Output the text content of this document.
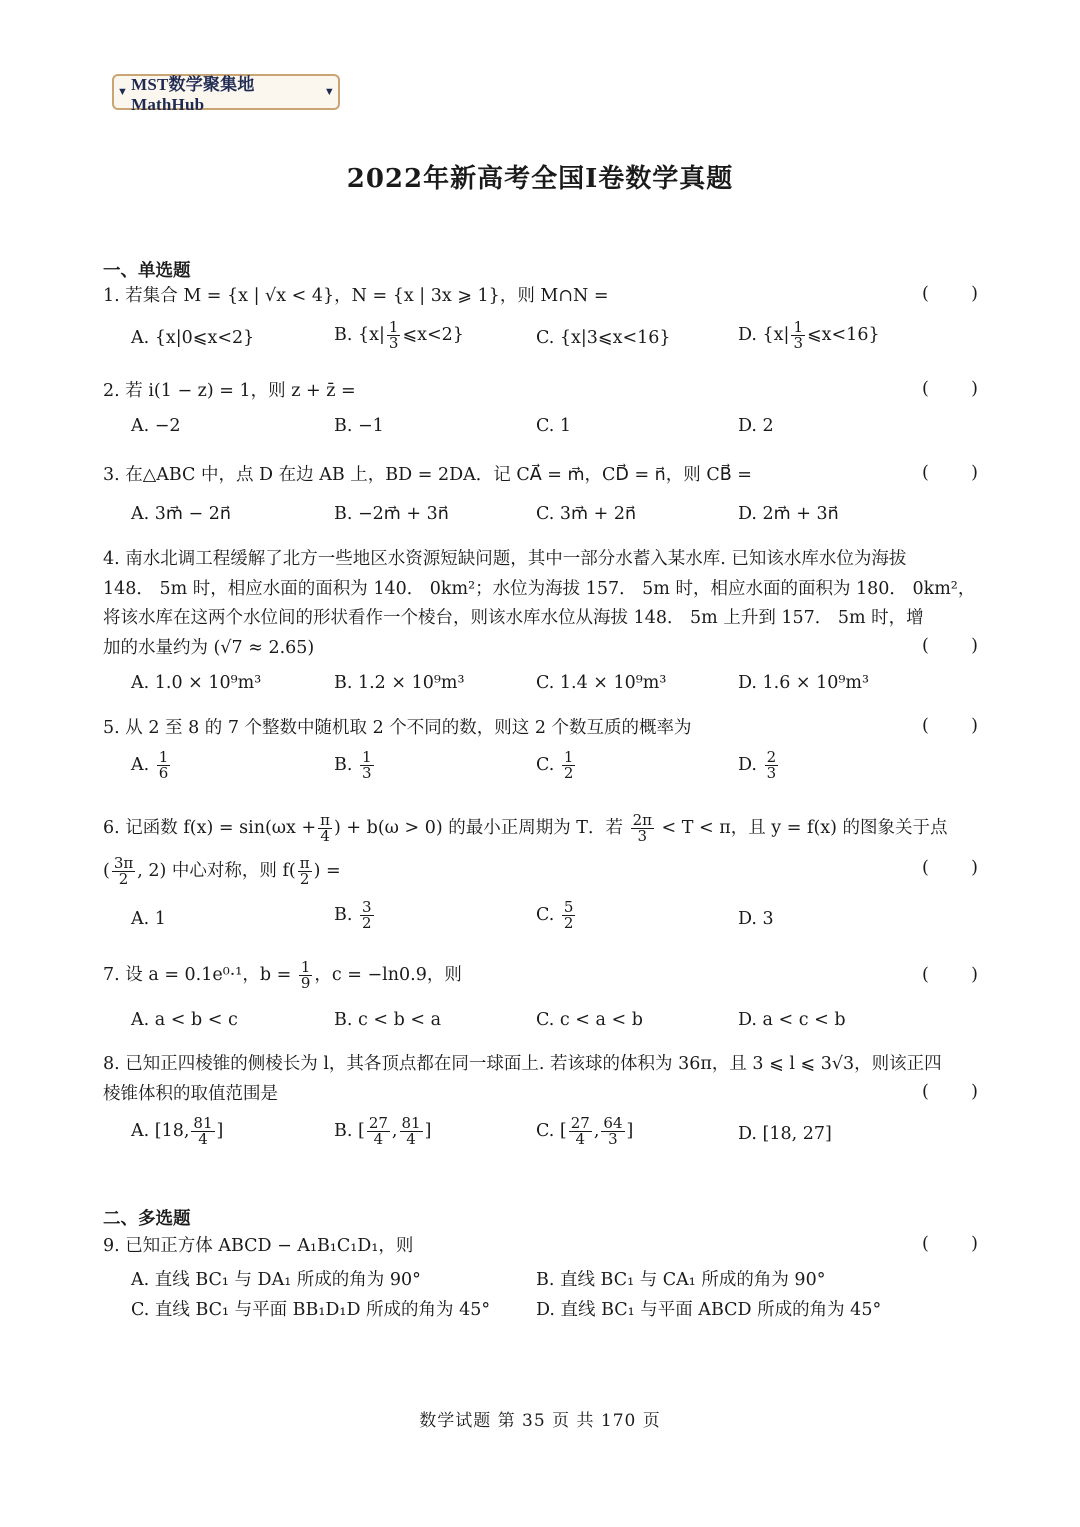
▼ MST数学聚集地MathHub
▼
2022年新高考全国I卷数学真题
一、单选题
1. 若集合 M = {x | √x < 4}，N = {x | 3x ⩾ 1}，则 M∩N =	( )
A. {x|0⩽x<2}	B. {$x| \frac{1}{3}$ ⩽x<2}	C. {x|3⩽x<16}	D. {$x| \frac{1}{3}$ ⩽x<16}
2. 若 i(1 − z) = 1，则 z + z̄ =	( )
A. −2	B. −1	C. 1	D. 2
3. 在△ABC 中，点 D 在边 AB 上，BD = 2DA．记 CA⃗ = m⃗，CD⃗ = n⃗，则 CB⃗ =	( )
A. 3m⃗ − 2n⃗	B. −2m⃗ + 3n⃗	C. 3m⃗ + 2n⃗	D. 2m⃗ + 3n⃗
4. 南水北调工程缓解了北方一些地区水资源短缺问题，其中一部分水蓄入某水库. 已知该水库水位为海拔
148． 5m 时，相应水面的面积为 140． 0km²；水位为海拔 157． 5m 时，相应水面的面积为 180． 0km²，
将该水库在这两个水位间的形状看作一个棱台，则该水库水位从海拔 148． 5m 上升到 157． 5m 时，增
加的水量约为 (√7 ≈ 2.65)	( )
A. 1.0 × 10⁹m³	B. 1.2 × 10⁹m³	C. 1.4 × 10⁹m³	D. 1.6 × 10⁹m³
5. 从 2 至 8 的 7 个整数中随机取 2 个不同的数，则这 2 个数互质的概率为	( )
A. $\frac{1}{6}$	B. $\frac{1}{3}$	C. $\frac{1}{2}$	D. $\frac{2}{3}$
6. 记函数 $f(x) = \sin(\omega x + \frac{\pi}{4}$ ) + b(ω > 0) 的最小正周期为 T．若 $\frac{2\pi}{3} < T < \pi$，且 y = f(x) 的图象关于点
( $\frac{3\pi}{2}$ , 2) 中心对称，则 $f( \frac{\pi}{2}$ ) =	( )
A. 1	B. $\frac{3}{2}$	C. $\frac{5}{2}$	D. 3
7. 设 a = 0.1e⁰·¹，$b = \frac{1}{9}$ ，c = −ln0.9，则	( )
A. a < b < c	B. c < b < a	C. c < a < b	D. a < c < b
8. 已知正四棱锥的侧棱长为 l，其各顶点都在同一球面上. 若该球的体积为 36π，且 3 ⩽ l ⩽ 3√3，则该正四
棱锥体积的取值范围是	( )
A. [18, $\frac{81}{4}$ ]	B. [ $\frac{27}{4}$ , $\frac{81}{4}$ ]	C. [ $\frac{27}{4}$ , $\frac{64}{3}$ ]	D. [18, 27]
二、多选题
9. 已知正方体 ABCD − A₁B₁C₁D₁，则	( )
A. 直线 BC₁ 与 DA₁ 所成的角为 90°	B. 直线 BC₁ 与 CA₁ 所成的角为 90°
C. 直线 BC₁ 与平面 BB₁D₁D 所成的角为 45°	D. 直线 BC₁ 与平面 ABCD 所成的角为 45°
数学试题 第 35 页 共 170 页
